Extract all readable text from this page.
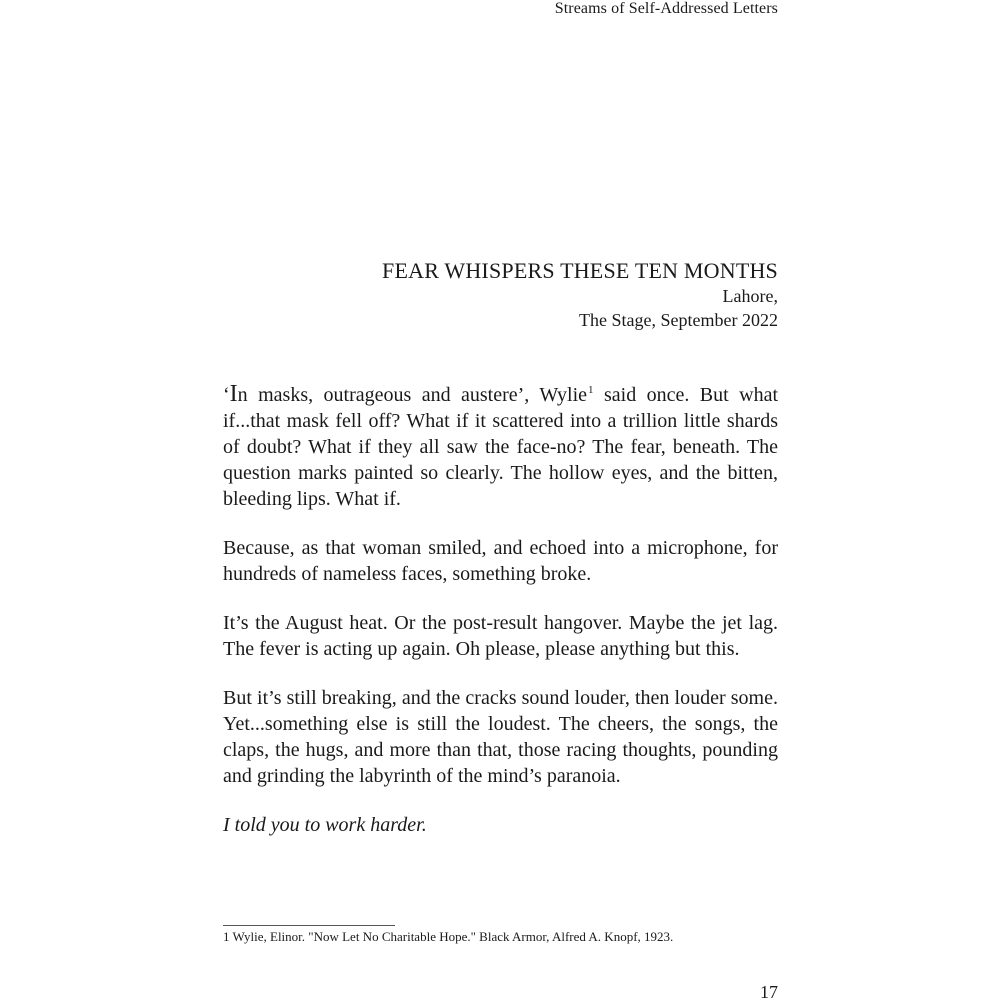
Streams of Self-Addressed Letters
FEAR WHISPERS THESE TEN MONTHS
Lahore,
The Stage, September 2022

‘In masks, outrageous and austere’, Wylie$^1$ said once. But what if...that mask fell off? What if it scattered into a trillion little shards of doubt? What if they all saw the face-no? The fear, beneath. The question marks painted so clearly. The hollow eyes, and the bitten, bleeding lips. What if.

Because, as that woman smiled, and echoed into a microphone, for hundreds of nameless faces, something broke.

It’s the August heat. Or the post-result hangover. Maybe the jet lag. The fever is acting up again. Oh please, please anything but this.

But it’s still breaking, and the cracks sound louder, then louder some. Yet...something else is still the loudest. The cheers, the songs, the claps, the hugs, and more than that, those racing thoughts, pounding and grinding the labyrinth of the mind’s paranoia.

I told you to work harder.

1 Wylie, Elinor. "Now Let No Charitable Hope." Black Armor, Alfred A. Knopf, 1923.
17
